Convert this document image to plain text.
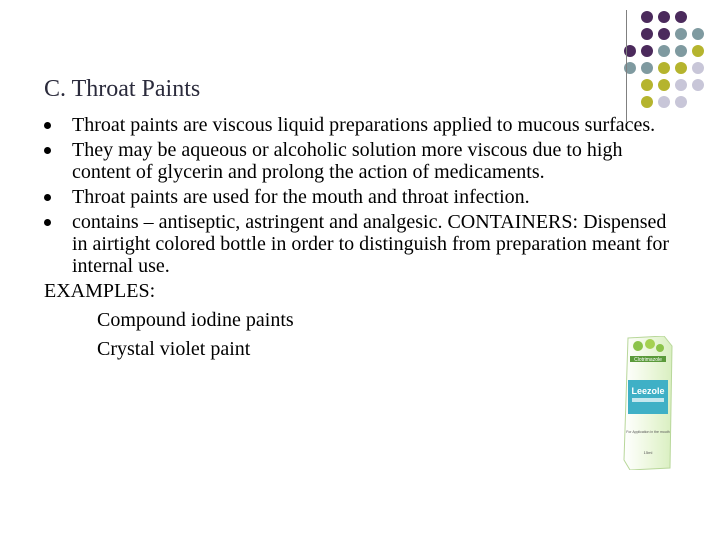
C. Throat Paints
Throat paints are viscous liquid preparations applied to mucous surfaces.
They may be aqueous or alcoholic solution more viscous due to high content of glycerin and prolong the action of medicaments.
Throat paints are used for the mouth and throat infection.
contains – antiseptic, astringent and analgesic. CONTAINERS: Dispensed in airtight colored bottle in order to distinguish from preparation meant for internal use.
EXAMPLES:
Compound iodine paints
Crystal violet paint	Clotrimazole
Leezole
For Application in the mouth
15ml
